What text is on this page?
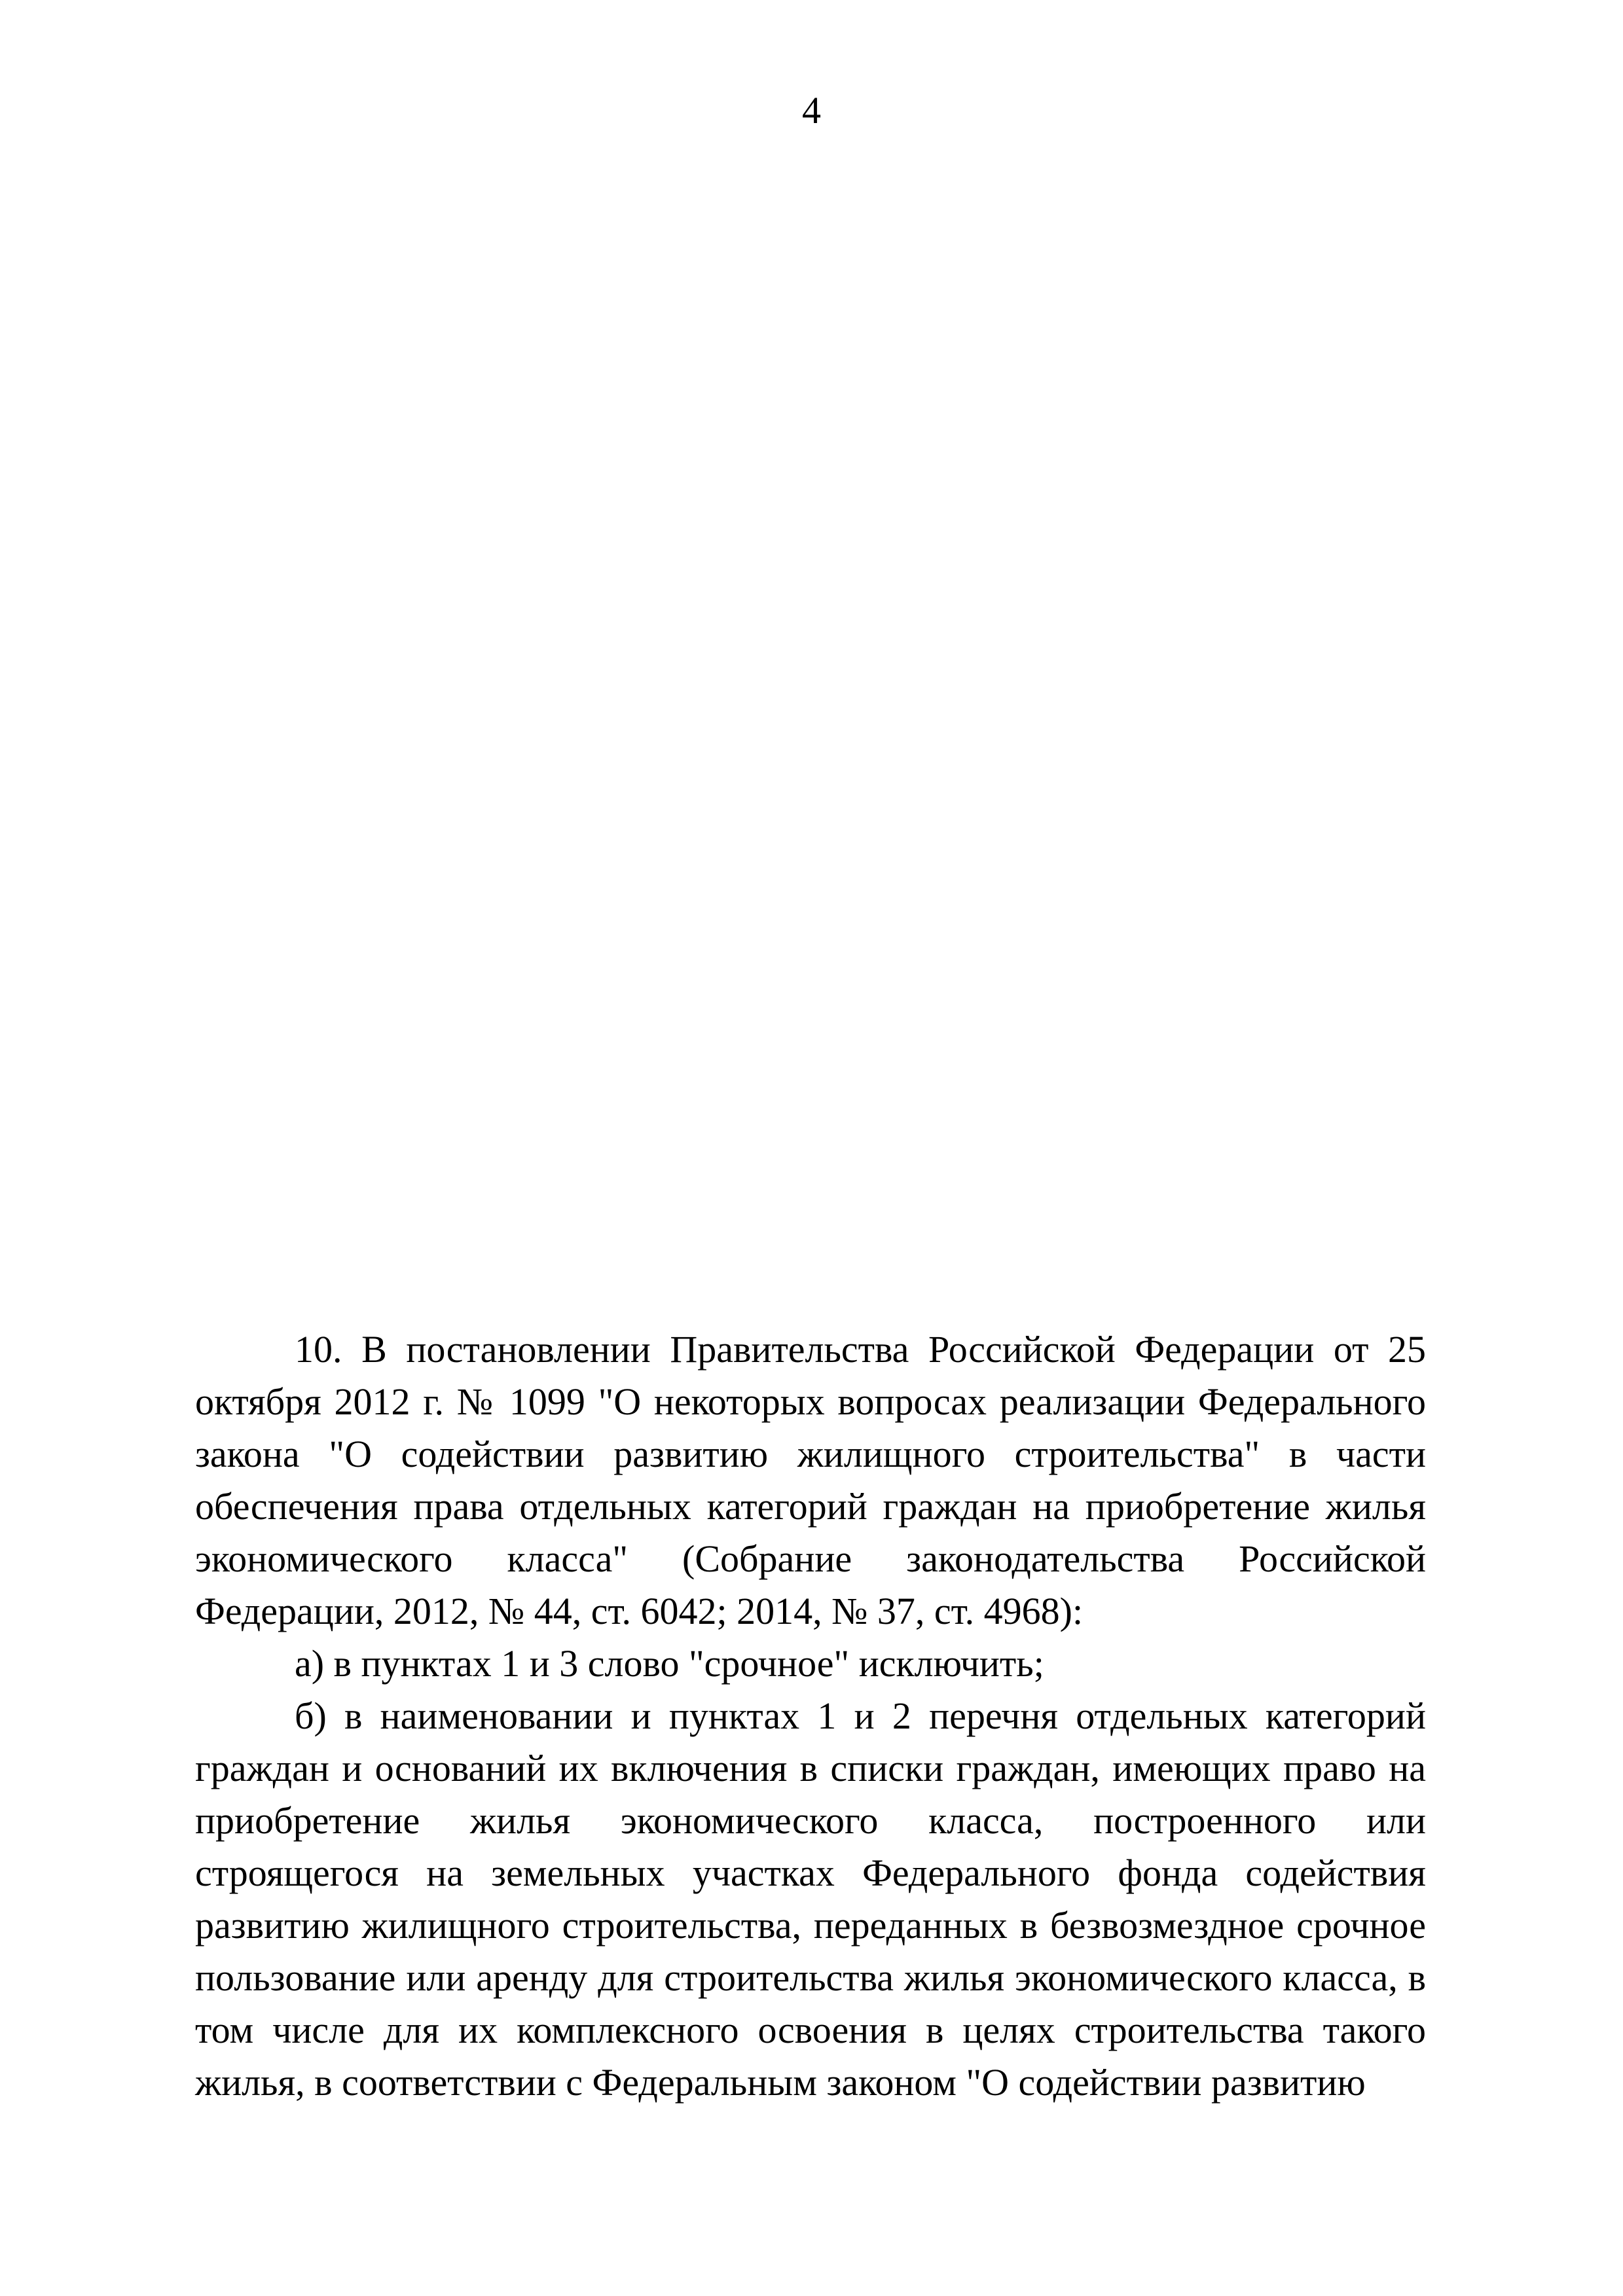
4

10. В постановлении Правительства Российской Федерации от 25 октября 2012 г. № 1099 "О некоторых вопросах реализации Федерального закона "О содействии развитию жилищного строительства" в части обеспечения права отдельных категорий граждан на приобретение жилья экономического класса" (Собрание законодательства Российской Федерации, 2012, № 44, ст. 6042; 2014, № 37, ст. 4968):

а) в пунктах 1 и 3 слово "срочное" исключить;

б) в наименовании и пунктах 1 и 2 перечня отдельных категорий граждан и оснований их включения в списки граждан, имеющих право на приобретение жилья экономического класса, построенного или строящегося на земельных участках Федерального фонда содействия развитию жилищного строительства, переданных в безвозмездное срочное пользование или аренду для строительства жилья экономического класса, в том числе для их комплексного освоения в целях строительства такого жилья, в соответствии с Федеральным законом "О содействии развитию
